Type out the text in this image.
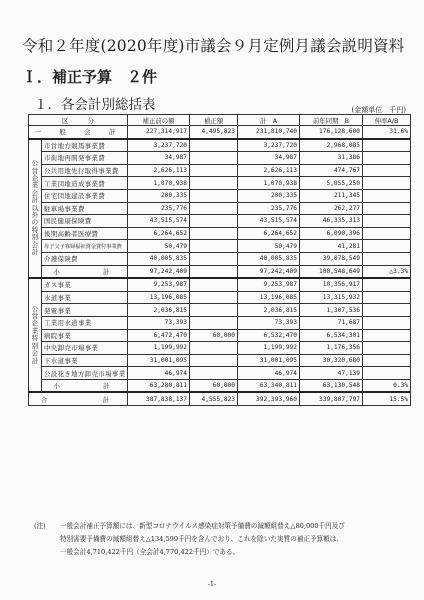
令和２年度(2020年度)市議会９月定例月議会説明資料
Ｉ．補正予算　２件
１．各会計別総括表	(金額単位　千円)
区　　　分		補正前の額	補正額	計　A	前年同期　B	伸率A/B
一　般　会　計		227,314,917	4,495,823	231,810,740	176,128,600	31.6%
公営企業会計以外の特別会計	市営地方競馬事業費	3,237,720		3,237,720	2,968,085	
	市街地再開発事業費	34,987		34,987	31,386	
	公共用地先行取得事業費	2,626,113		2,626,113	474,767	
	工業団地造成事業費	1,070,938		1,070,938	5,055,250	
	住宅団地建設事業費	200,335		200,335	211,345	
	駐車場事業費	235,776		235,776	262,277	
	国民健康保険費	43,515,574		43,515,574	46,335,313	
	後期高齢者医療費	6,264,652		6,264,652	6,090,396	
	母子父子寡婦福祉資金貸付事業費	50,479		50,479	41,281	
	介護保険費	40,005,835		40,005,835	39,078,549	
	小　　　計	97,242,409		97,242,409	100,548,649	△3.3%
公営企業特別会計	ガス事業	9,253,987		9,253,987	10,356,917	
	水道事業	13,196,085		13,196,085	13,315,932	
	発電事業	2,036,815		2,036,815	1,307,536	
	工業用水道事業	73,393		73,393	71,687	
	病院事業	6,472,470	60,000	6,532,470	6,534,301	
	中央卸売市場事業	1,199,992		1,199,992	1,176,356	
	下水道事業	31,001,095		31,001,095	30,320,680	
	公設花き地方卸売市場事業	46,974		46,974	47,139	
	小　　　計	63,280,811	60,000	63,340,811	63,130,548	0.3%
合　　　　計		387,838,137	4,555,823	392,393,960	339,807,797	15.5%
(注) 一般会計補正予算額には、新型コロナウイルス感染症対策予備費の減額組替え△80,000千円及び
特別需要予備費の減額組替え△134,599千円を含んでおり、これを除いた実質の補正予算額は、
一般会計4,710,422千円（全会計4,770,422千円）である。
-1-
